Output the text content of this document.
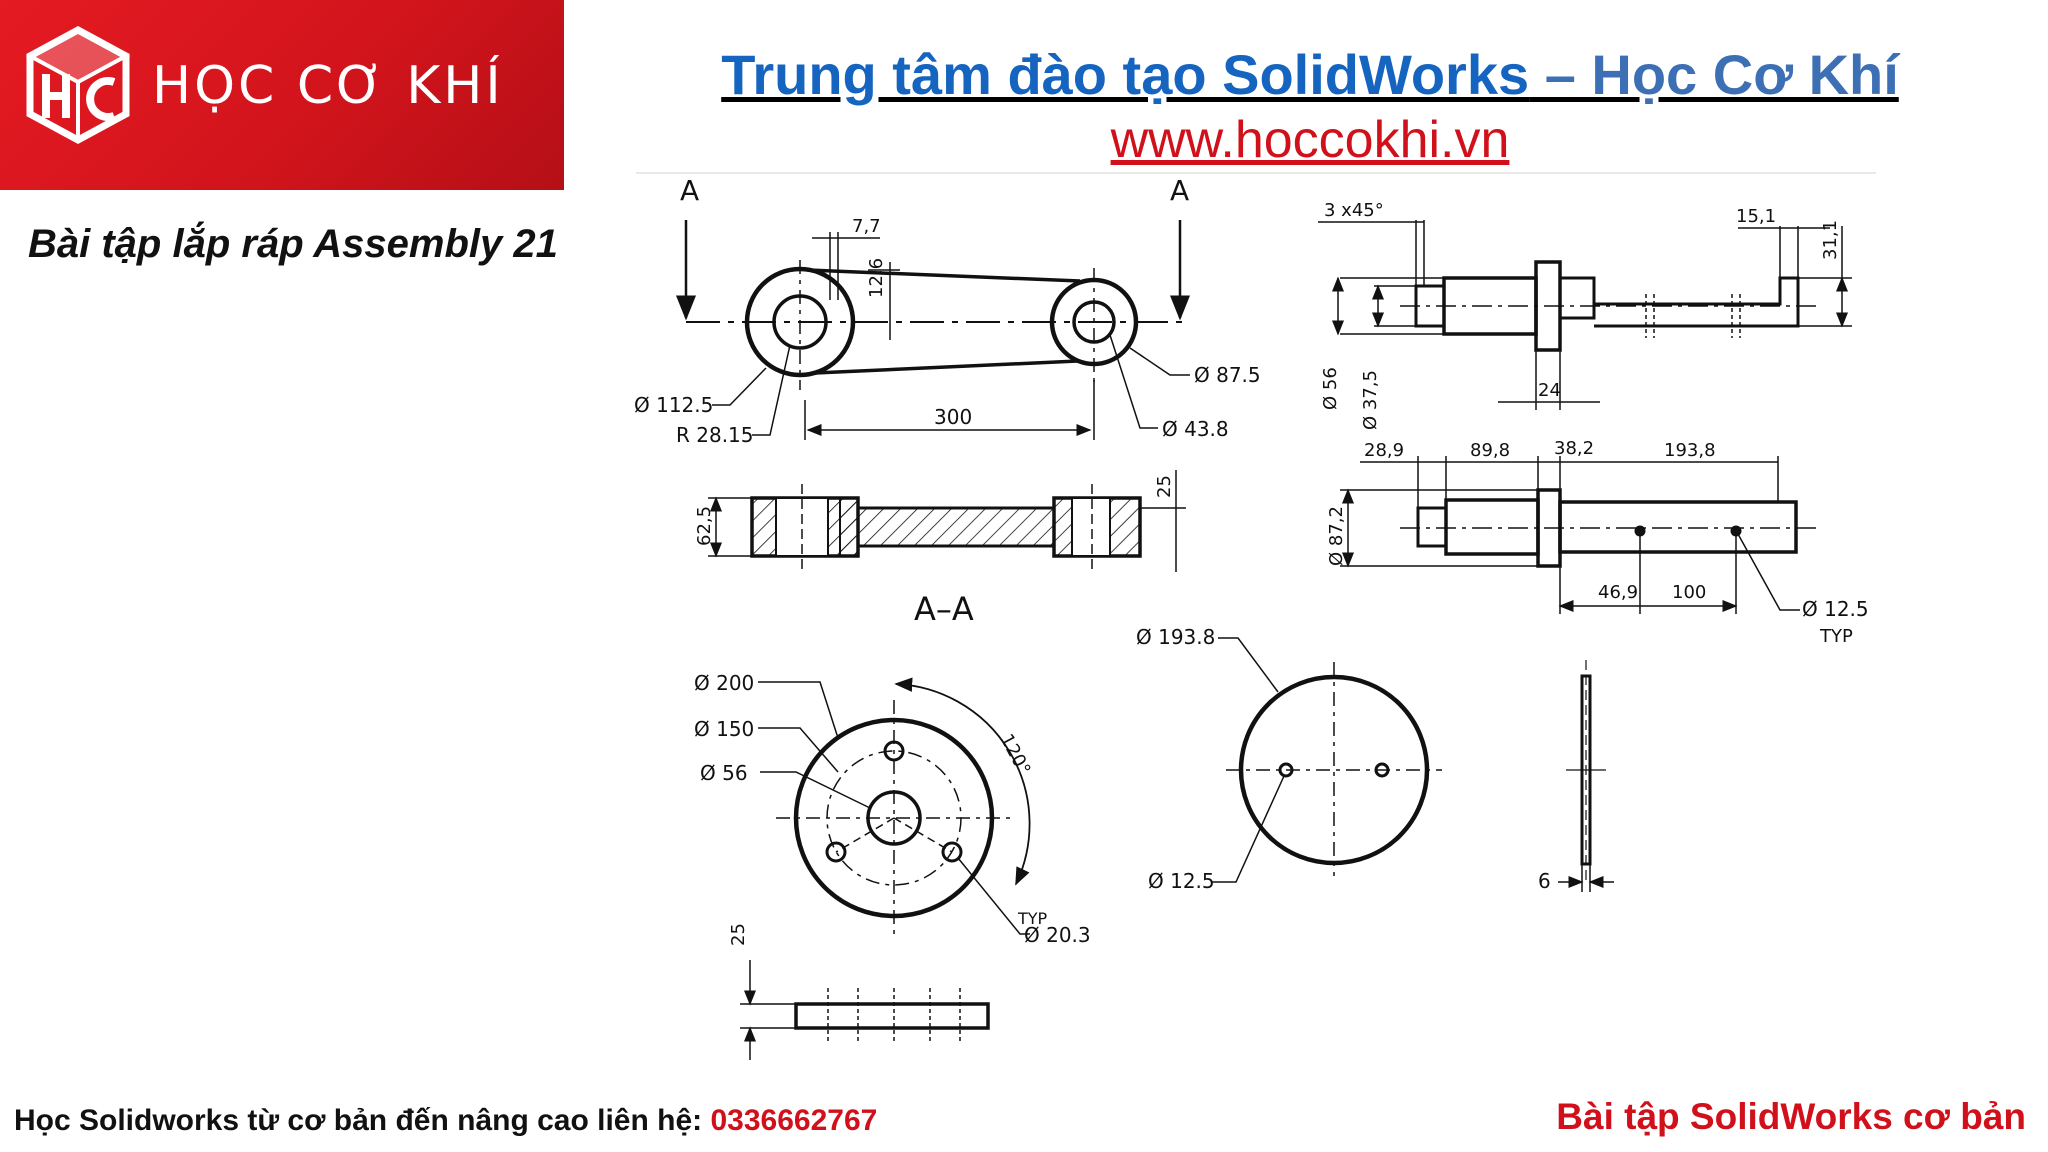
HỌC CƠ KHÍ	Trung tâm đào tạo SolidWorks – Học Cơ Khí
www.hoccokhi.vn
Bài tập lắp ráp Assembly 21
A	A
7,7
12,6
Ø 112.5
R 28.15
300
Ø 87.5
Ø 43.8
62,5
25
A–A
3 x45°	15,1
31,1
Ø 56 Ø 37,5	24
28,9	89,8 38,2	193,8
Ø 87,2
46,9 100
Ø 12.5
TYP
Ø 200
Ø 150
Ø 56	120°
TYP
Ø 20.3
25
Ø 193.8
Ø 12.5	6
Học Solidworks từ cơ bản đến nâng cao liên hệ: 0336662767	Bài tập SolidWorks cơ bản
